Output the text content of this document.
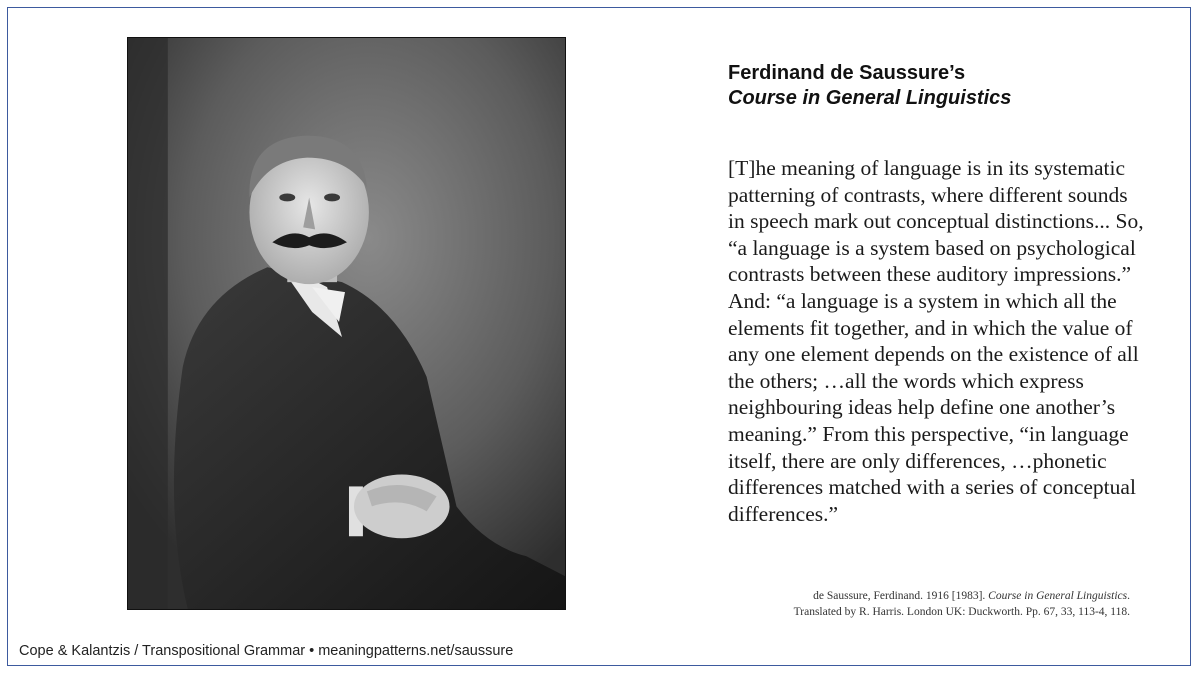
Ferdinand de Saussure’s
Course in General Linguistics
[T]he meaning of language is in its systematic patterning of contrasts, where different sounds in speech mark out conceptual distinctions... So, “a language is a system based on psychological contrasts between these auditory impressions.” And: “a language is a system in which all the elements fit together, and in which the value of any one element depends on the existence of all the others; …all the words which express neighbouring ideas help define one another’s meaning.” From this perspective, “in language itself, there are only differences, …phonetic differences matched with a series of conceptual differences.”
de Saussure, Ferdinand. 1916 [1983]. Course in General Linguistics.
Translated by R. Harris. London UK: Duckworth. Pp. 67, 33, 113-4, 118.
Cope & Kalantzis / Transpositional Grammar • meaningpatterns.net/saussure
